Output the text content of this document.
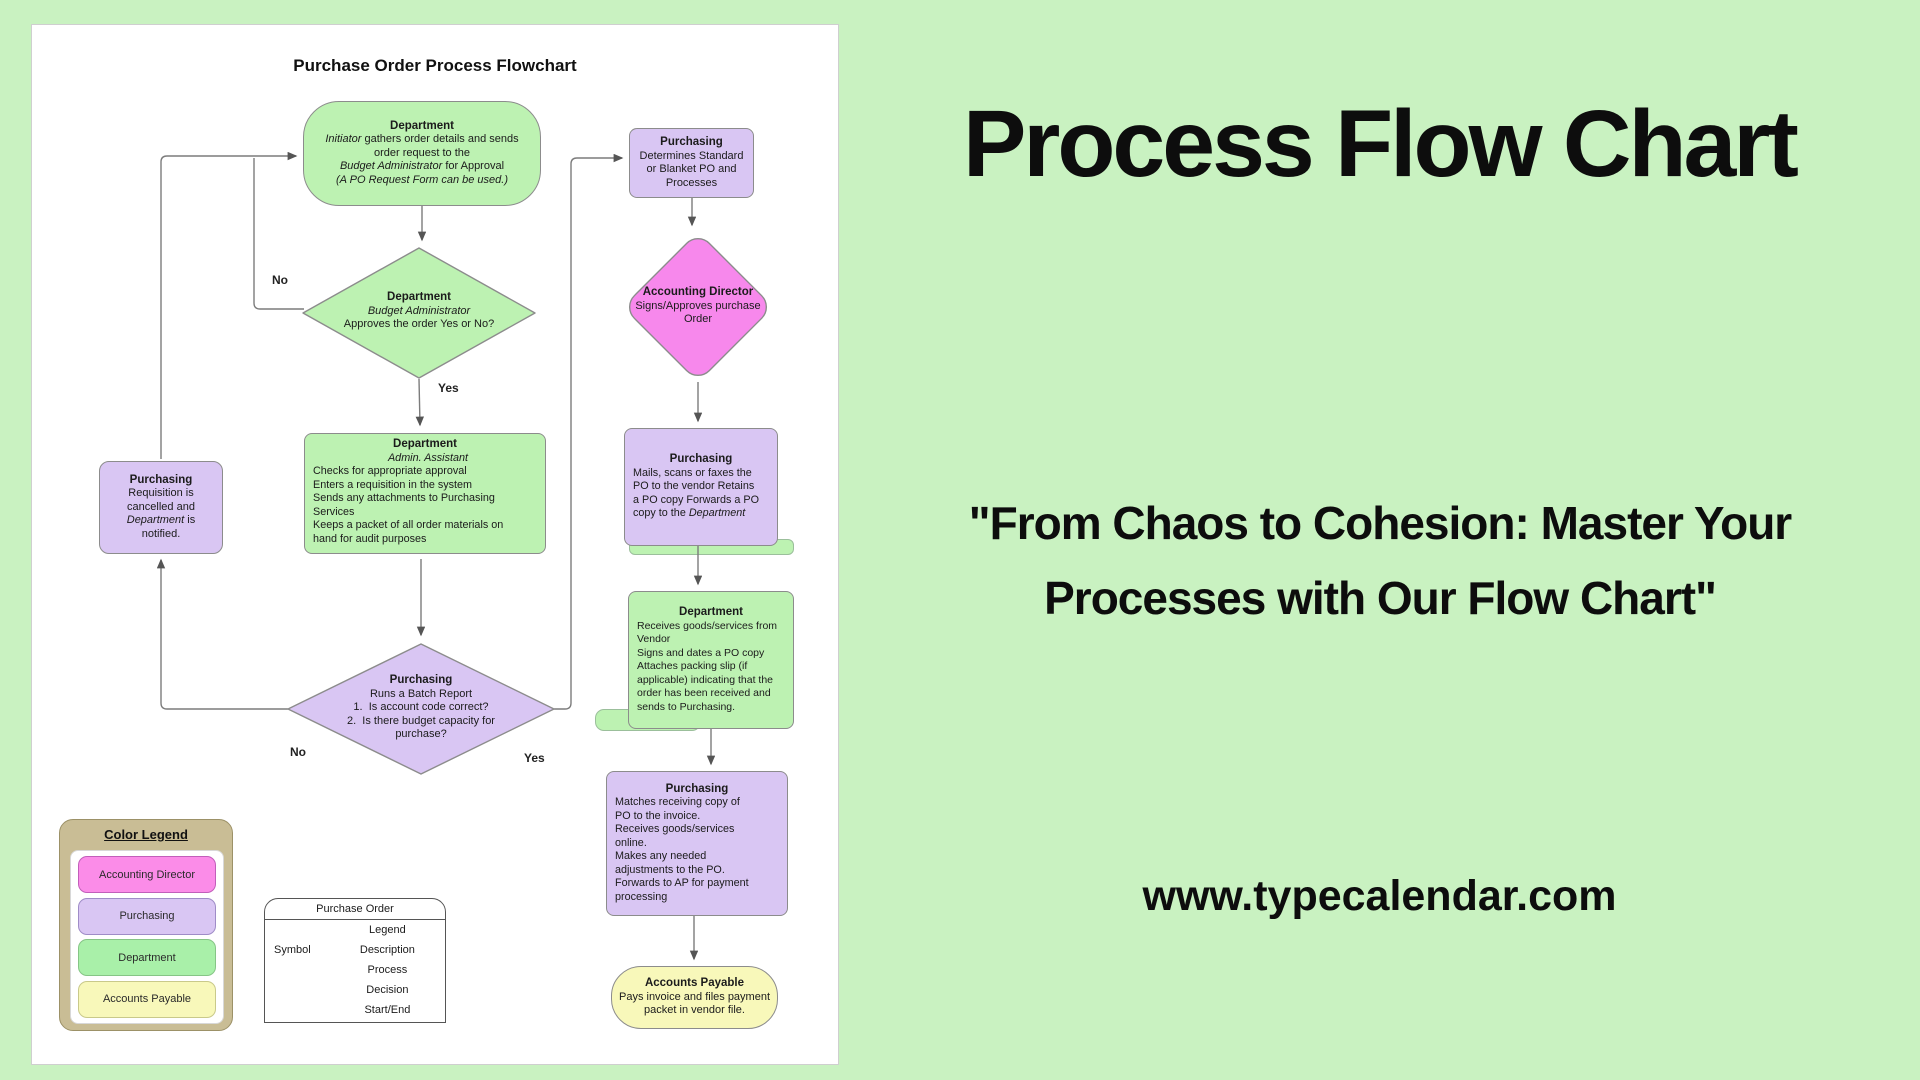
Purchase Order Process Flowchart
Department
Initiator gathers order details and sends
order request to the
Budget Administrator for Approval
(A PO Request Form can be used.)
Department
Admin. Assistant
Checks for appropriate approval
Enters a requisition in the system
Sends any attachments to Purchasing
Services
Keeps a packet of all order materials on
hand for audit purposes
Purchasing
Requisition is
cancelled and
Department is
notified.
Purchasing
Determines Standard
or Blanket PO and
Processes
Purchasing
Mails, scans or faxes the
PO to the vendor Retains
a PO copy Forwards a PO
copy to the Department
Department
Receives goods/services from
Vendor
Signs and dates a PO copy
Attaches packing slip (if
applicable) indicating that the
order has been received and
sends to Purchasing.
Purchasing
Matches receiving copy of
PO to the invoice.
Receives goods/services
online.
Makes any needed
adjustments to the PO.
Forwards to AP for payment
processing
Accounts Payable
Pays invoice and files payment
packet in vendor file.
Department
Budget Administrator
Approves the order Yes or No?
Purchasing
Runs a Batch Report
1.  Is account code correct?
2.  Is there budget capacity for
purchase?
Accounting Director
Signs/Approves purchase
Order
No
Yes
No	Yes
Color Legend
Accounting Director
Purchasing
Department
Accounts Payable
Purchase Order
Legend
Symbol	Description
Process
Decision
Start/End
Process Flow Chart
"From Chaos to Cohesion: Master Your
Processes with Our Flow Chart"
www.typecalendar.com
